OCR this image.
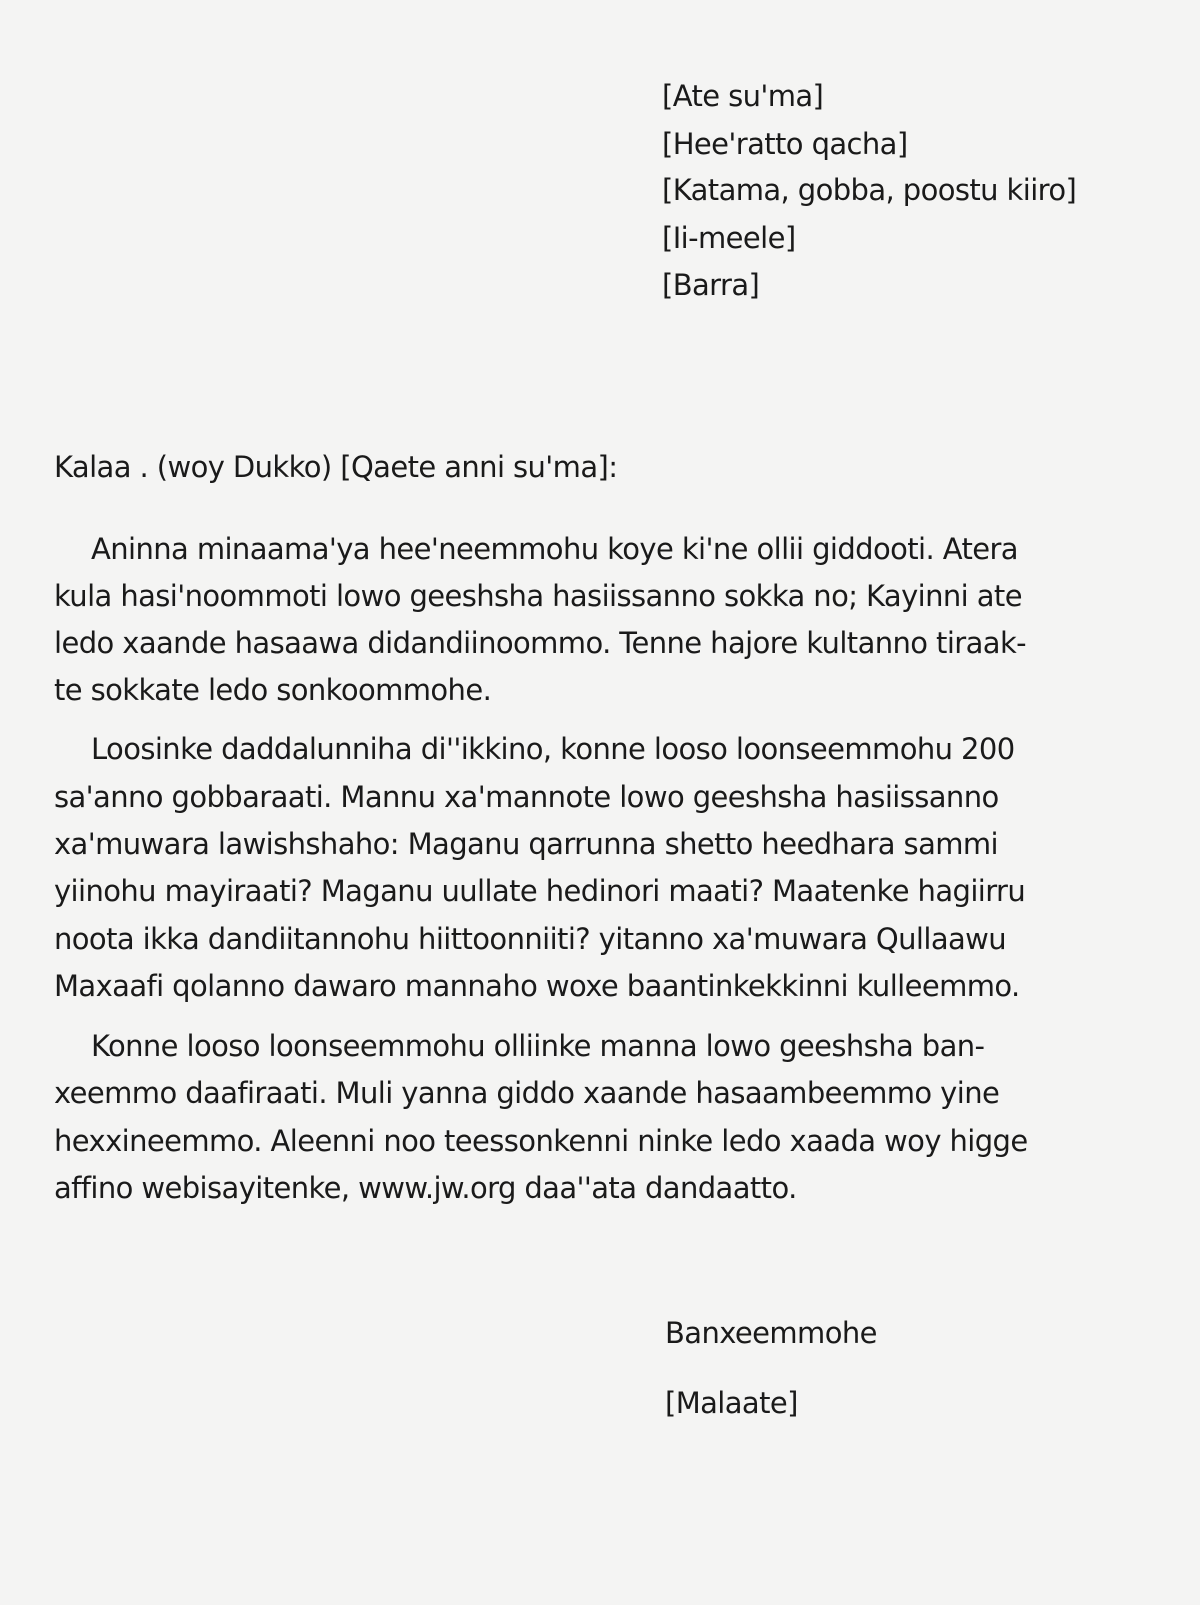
[Ate su'ma]
[Hee'ratto qacha]
[Katama, gobba, poostu kiiro]
[Ii-meele]
[Barra]
Kalaa . (woy Dukko) [Qaete anni su'ma]:
Aninna minaama'ya hee'neemmohu koye ki'ne ollii giddooti. Atera
kula hasi'noommoti lowo geeshsha hasiissanno sokka no; Kayinni ate
ledo xaande hasaawa didandiinoommo. Tenne hajore kultanno tiraak-
te sokkate ledo sonkoommohe.
Loosinke daddalunniha di''ikkino, konne looso loonseemmohu 200
sa'anno gobbaraati. Mannu xa'mannote lowo geeshsha hasiissanno
xa'muwara lawishshaho: Maganu qarrunna shetto heedhara sammi
yiinohu mayiraati? Maganu uullate hedinori maati? Maatenke hagiirru
noota ikka dandiitannohu hiittoonniiti? yitanno xa'muwara Qullaawu
Maxaafi qolanno dawaro mannaho woxe baantinkekkinni kulleemmo.
Konne looso loonseemmohu olliinke manna lowo geeshsha ban-
xeemmo daafiraati. Muli yanna giddo xaande hasaambeemmo yine
hexxineemmo. Aleenni noo teessonkenni ninke ledo xaada woy higge
affino webisayitenke, www.jw.org daa''ata dandaatto.
Banxeemmohe
[Malaate]
